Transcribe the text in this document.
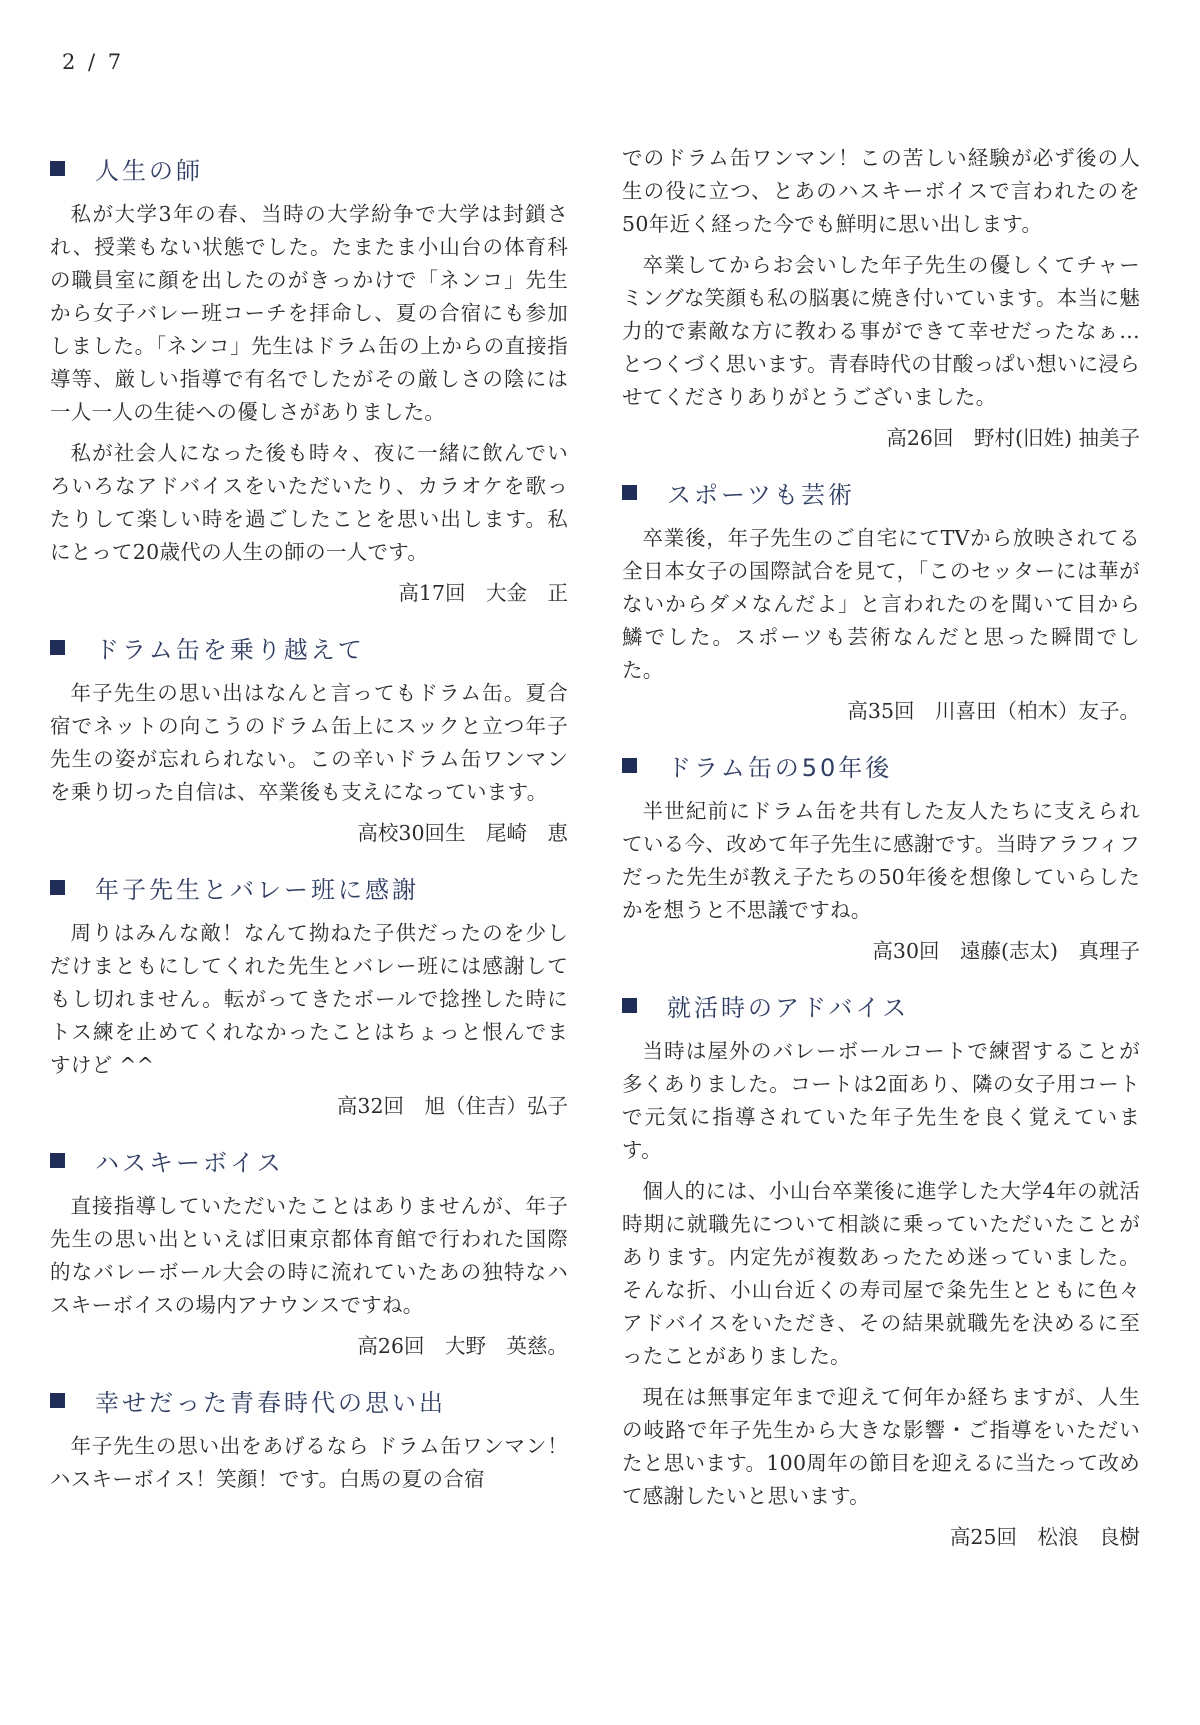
2 / 7
人生の師

私が大学3年の春、当時の大学紛争で大学は封鎖され、授業もない状態でした。たまたま小山台の体育科の職員室に顔を出したのがきっかけで「ネンコ」先生から女子バレー班コーチを拝命し、夏の合宿にも参加しました。「ネンコ」先生はドラム缶の上からの直接指導等、厳しい指導で有名でしたがその厳しさの陰には一人一人の生徒への優しさがありました。

私が社会人になった後も時々、夜に一緒に飲んでいろいろなアドバイスをいただいたり、カラオケを歌ったりして楽しい時を過ごしたことを思い出します。私にとって20歳代の人生の師の一人です。

高17回　大金　正
ドラム缶を乗り越えて

年子先生の思い出はなんと言ってもドラム缶。夏合宿でネットの向こうのドラム缶上にスックと立つ年子先生の姿が忘れられない。この辛いドラム缶ワンマンを乗り切った自信は、卒業後も支えになっています。

高校30回生　尾崎　恵
年子先生とバレー班に感謝

周りはみんな敵！なんて拗ねた子供だったのを少しだけまともにしてくれた先生とバレー班には感謝してもし切れません。転がってきたボールで捻挫した時にトス練を止めてくれなかったことはちょっと恨んでますけど ^^

高32回　旭（住吉）弘子
ハスキーボイス

直接指導していただいたことはありませんが、年子先生の思い出といえば旧東京都体育館で行われた国際的なバレーボール大会の時に流れていたあの独特なハスキーボイスの場内アナウンスですね。

高26回　大野　英慈。
幸せだった青春時代の思い出

年子先生の思い出をあげるなら ドラム缶ワンマン！ハスキーボイス！笑顔！です。白馬の夏の合宿

でのドラム缶ワンマン！この苦しい経験が必ず後の人生の役に立つ、とあのハスキーボイスで言われたのを50年近く経った今でも鮮明に思い出します。

卒業してからお会いした年子先生の優しくてチャーミングな笑顔も私の脳裏に焼き付いています。本当に魅力的で素敵な方に教わる事ができて幸せだったなぁ…とつくづく思います。青春時代の甘酸っぱい想いに浸らせてくださりありがとうございました。

高26回　野村(旧姓) 抽美子
スポーツも芸術

卒業後，年子先生のご自宅にてTVから放映されてる全日本女子の国際試合を見て，「このセッターには華がないからダメなんだよ」と言われたのを聞いて目から鱗でした。スポーツも芸術なんだと思った瞬間でした。

高35回　川喜田（柏木）友子。
ドラム缶の50年後

半世紀前にドラム缶を共有した友人たちに支えられている今、改めて年子先生に感謝です。当時アラフィフだった先生が教え子たちの50年後を想像していらしたかを想うと不思議ですね。

高30回　遠藤(志太)　真理子
就活時のアドバイス

当時は屋外のバレーボールコートで練習することが多くありました。コートは2面あり、隣の女子用コートで元気に指導されていた年子先生を良く覚えています。

個人的には、小山台卒業後に進学した大学4年の就活時期に就職先について相談に乗っていただいたことがあります。内定先が複数あったため迷っていました。そんな折、小山台近くの寿司屋で粂先生とともに色々アドバイスをいただき、その結果就職先を決めるに至ったことがありました。

現在は無事定年まで迎えて何年か経ちますが、人生の岐路で年子先生から大きな影響・ご指導をいただいたと思います。100周年の節目を迎えるに当たって改めて感謝したいと思います。

高25回　松浪　良樹
